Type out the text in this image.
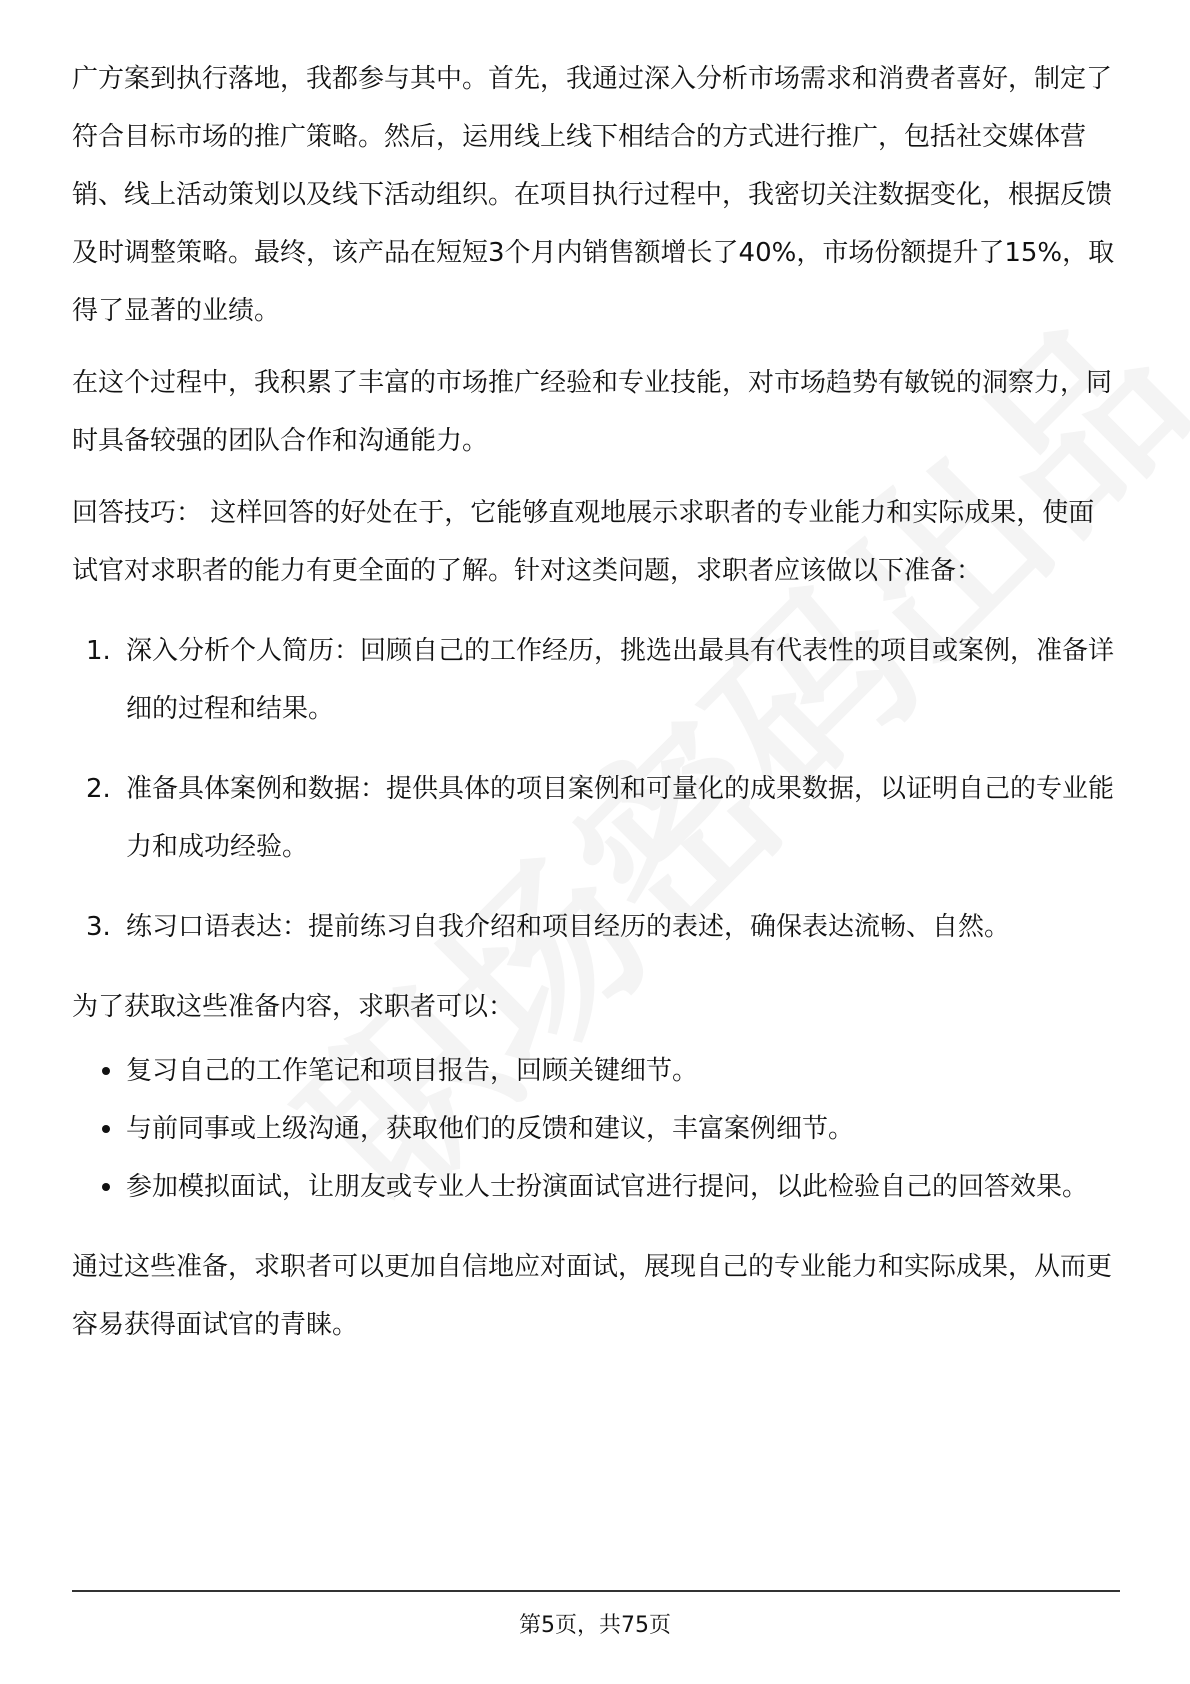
广方案到执行落地，我都参与其中。首先，我通过深入分析市场需求和消费者喜好，制定了符合目标市场的推广策略。然后，运用线上线下相结合的方式进行推广，包括社交媒体营销、线上活动策划以及线下活动组织。在项目执行过程中，我密切关注数据变化，根据反馈及时调整策略。最终，该产品在短短3个月内销售额增长了40%，市场份额提升了15%，取得了显著的业绩。

在这个过程中，我积累了丰富的市场推广经验和专业技能，对市场趋势有敏锐的洞察力，同时具备较强的团队合作和沟通能力。

回答技巧： 这样回答的好处在于，它能够直观地展示求职者的专业能力和实际成果，使面试官对求职者的能力有更全面的了解。针对这类问题，求职者应该做以下准备：

1. 深入分析个人简历：回顾自己的工作经历，挑选出最具有代表性的项目或案例，准备详细的过程和结果。
2. 准备具体案例和数据：提供具体的项目案例和可量化的成果数据，以证明自己的专业能力和成功经验。
3. 练习口语表达：提前练习自我介绍和项目经历的表述，确保表达流畅、自然。

为了获取这些准备内容，求职者可以：

复习自己的工作笔记和项目报告，回顾关键细节。
与前同事或上级沟通，获取他们的反馈和建议，丰富案例细节。
参加模拟面试，让朋友或专业人士扮演面试官进行提问，以此检验自己的回答效果。

通过这些准备，求职者可以更加自信地应对面试，展现自己的专业能力和实际成果，从而更容易获得面试官的青睐。

第5页，共75页
